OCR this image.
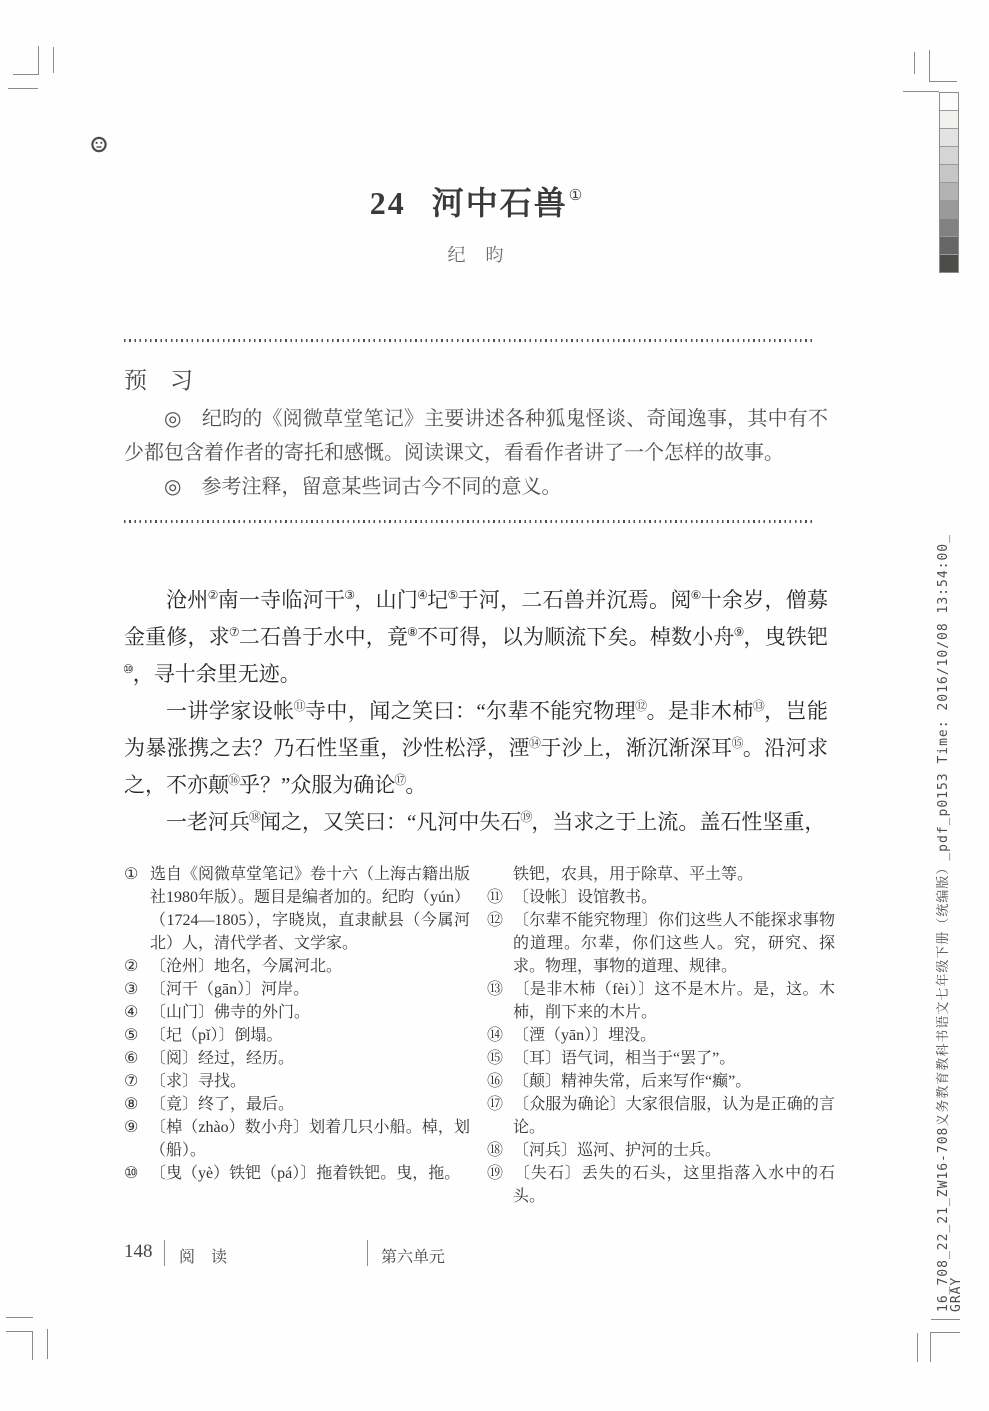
24 河中石兽①
纪　昀
预　习

◎　纪昀的《阅微草堂笔记》主要讲述各种狐鬼怪谈、奇闻逸事，其中有不少都包含着作者的寄托和感慨。阅读课文，看看作者讲了一个怎样的故事。

◎　参考注释，留意某些词古今不同的意义。

沧州②南一寺临河干③，山门④圮⑤于河，二石兽并沉焉。阅⑥十余岁，僧募金重修，求⑦二石兽于水中，竟⑧不可得，以为顺流下矣。棹数小舟⑨，曳铁钯⑩，寻十余里无迹。

一讲学家设帐⑪寺中，闻之笑曰：“尔辈不能究物理⑫。是非木杮⑬，岂能为暴涨携之去？乃石性坚重，沙性松浮，湮⑭于沙上，渐沉渐深耳⑮。沿河求之，不亦颠⑯乎？”众服为确论⑰。

一老河兵⑱闻之，又笑曰：“凡河中失石⑲，当求之于上流。盖石性坚重，

① 选自《阅微草堂笔记》卷十六（上海古籍出版社1980年版）。题目是编者加的。纪昀（yún）（1724—1805），字晓岚，直隶献县（今属河北）人，清代学者、文学家。
② 〔沧州〕地名，今属河北。
③ 〔河干（gān）〕河岸。
④ 〔山门〕佛寺的外门。
⑤ 〔圮（pǐ）〕倒塌。
⑥ 〔阅〕经过，经历。
⑦ 〔求〕寻找。
⑧ 〔竟〕终了，最后。
⑨ 〔棹（zhào）数小舟〕划着几只小船。棹，划（船）。
⑩ 〔曳（yè）铁钯（pá）〕拖着铁钯。曳，拖。
铁钯，农具，用于除草、平土等。
⑪ 〔设帐〕设馆教书。
⑫ 〔尔辈不能究物理〕你们这些人不能探求事物的道理。尔辈，你们这些人。究，研究、探求。物理，事物的道理、规律。
⑬ 〔是非木杮（fèi）〕这不是木片。是，这。木杮，削下来的木片。
⑭ 〔湮（yān）〕埋没。
⑮ 〔耳〕语气词，相当于“罢了”。
⑯ 〔颠〕精神失常，后来写作“癫”。
⑰ 〔众服为确论〕大家很信服，认为是正确的言论。
⑱ 〔河兵〕巡河、护河的士兵。
⑲ 〔失石〕丢失的石头，这里指落入水中的石头。
148 阅　读	第六单元	16_708_22_21_ZW16-708义务教育教科书语文七年级下册（统编版）_pdf_p0153 Time: 2016/10/08 13:54:00_
GRAY
